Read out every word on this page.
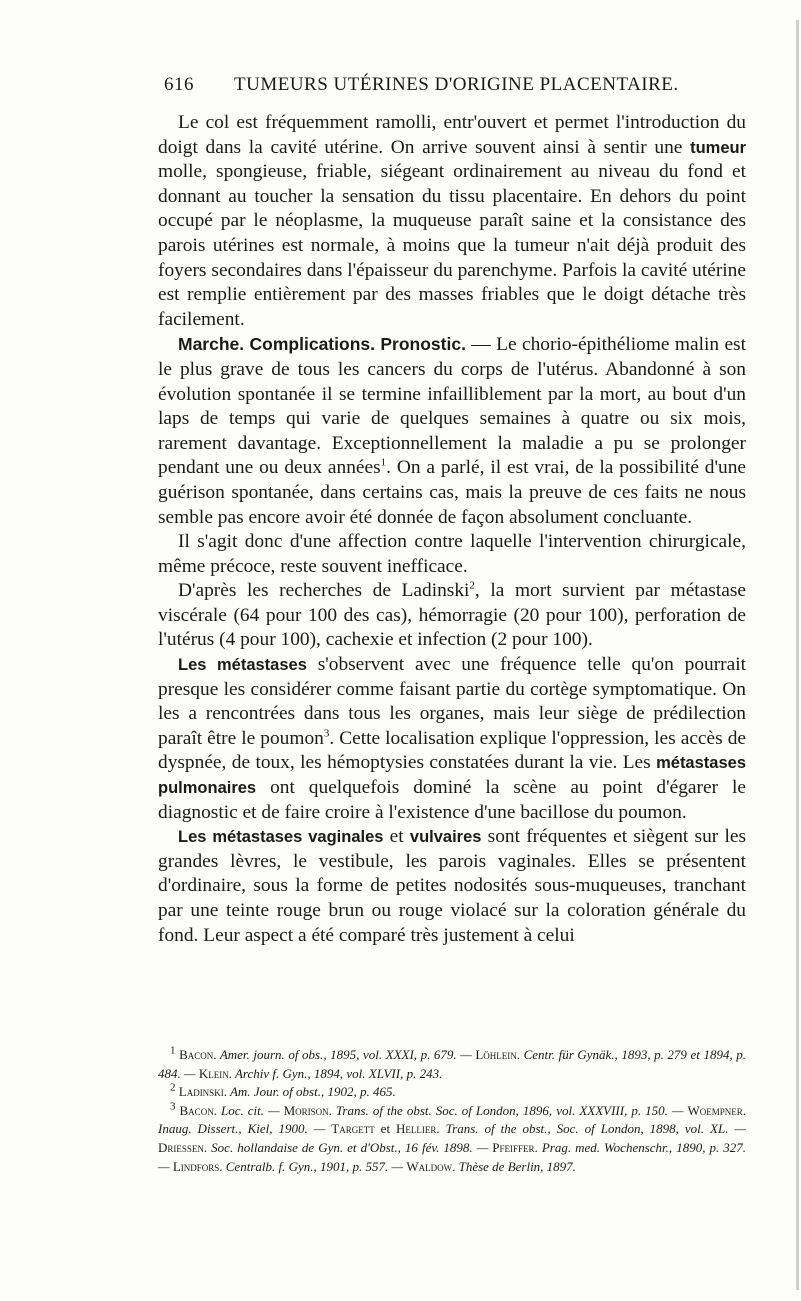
616 TUMEURS UTÉRINES D'ORIGINE PLACENTAIRE.

Le col est fréquemment ramolli, entr'ouvert et permet l'introduction du doigt dans la cavité utérine. On arrive souvent ainsi à sentir une tumeur molle, spongieuse, friable, siégeant ordinairement au niveau du fond et donnant au toucher la sensation du tissu placentaire. En dehors du point occupé par le néoplasme, la muqueuse paraît saine et la consistance des parois utérines est normale, à moins que la tumeur n'ait déjà produit des foyers secondaires dans l'épaisseur du parenchyme. Parfois la cavité utérine est remplie entièrement par des masses friables que le doigt détache très facilement.

Marche. Complications. Pronostic. — Le chorio-épithéliome malin est le plus grave de tous les cancers du corps de l'utérus. Abandonné à son évolution spontanée il se termine infailliblement par la mort, au bout d'un laps de temps qui varie de quelques semaines à quatre ou six mois, rarement davantage. Exceptionnellement la maladie a pu se prolonger pendant une ou deux années$^1$. On a parlé, il est vrai, de la possibilité d'une guérison spontanée, dans certains cas, mais la preuve de ces faits ne nous semble pas encore avoir été donnée de façon absolument concluante.

Il s'agit donc d'une affection contre laquelle l'intervention chirurgicale, même précoce, reste souvent inefficace.

D'après les recherches de Ladinski$^2$, la mort survient par métastase viscérale (64 pour 100 des cas), hémorragie (20 pour 100), perforation de l'utérus (4 pour 100), cachexie et infection (2 pour 100).

Les métastases s'observent avec une fréquence telle qu'on pourrait presque les considérer comme faisant partie du cortège symptomatique. On les a rencontrées dans tous les organes, mais leur siège de prédilection paraît être le poumon$^3$. Cette localisation explique l'oppression, les accès de dyspnée, de toux, les hémoptysies constatées durant la vie. Les métastases pulmonaires ont quelquefois dominé la scène au point d'égarer le diagnostic et de faire croire à l'existence d'une bacillose du poumon.

Les métastases vaginales et vulvaires sont fréquentes et siègent sur les grandes lèvres, le vestibule, les parois vaginales. Elles se présentent d'ordinaire, sous la forme de petites nodosités sous-muqueuses, tranchant par une teinte rouge brun ou rouge violacé sur la coloration générale du fond. Leur aspect a été comparé très justement à celui

$^1$ Bacon. Amer. journ. of obs., 1895, vol. XXXI, p. 679. — Löhlein. Centr. für Gynäk., 1893, p. 279 et 1894, p. 484. — Klein. Archiv f. Gyn., 1894, vol. XLVII, p. 243.

$^2$ Ladinski. Am. Jour. of obst., 1902, p. 465.

$^3$ Bacon. Loc. cit. — Morison. Trans. of the obst. Soc. of London, 1896, vol. XXXVIII, p. 150. — Woempner. Inaug. Dissert., Kiel, 1900. — Targett et Hellier. Trans. of the obst., Soc. of London, 1898, vol. XL. — Driessen. Soc. hollandaise de Gyn. et d'Obst., 16 fév. 1898. — Pfeiffer. Prag. med. Wochenschr., 1890, p. 327. — Lindfors. Centralb. f. Gyn., 1901, p. 557. — Waldow. Thèse de Berlin, 1897.
